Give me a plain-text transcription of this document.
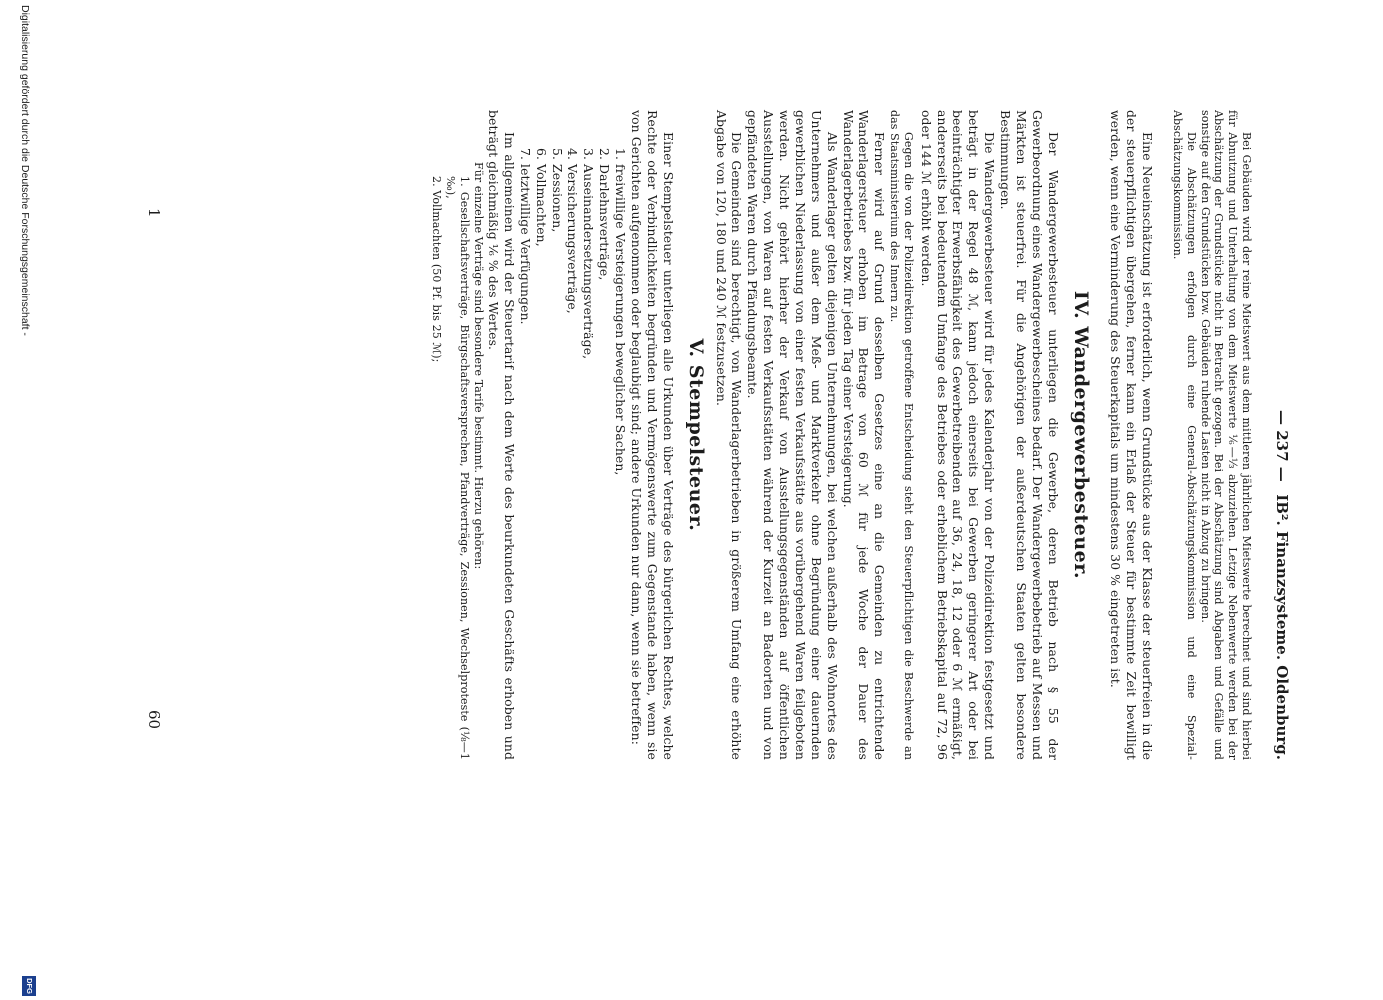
— 237 —
IB². Finanzsysteme. Oldenburg.

Bei Gebäuden wird der reine Mietswert aus dem mittleren jährlichen Mietswerte berechnet und sind hierbei für Abnutzung und Unterhaltung von dem Mietswerte ⅙—⅓ abzuziehen. Letzige Nebenwerte werden bei der Abschätzung der Grundstücke nicht in Betracht gezogen. Bei der Abschätzung sind Abgaben und Gefälle und sonstige auf den Grundstücken bzw. Gebäuden ruhende Lasten nicht in Abzug zu bringen.

Die Abschätzungen erfolgen durch eine General-Abschätzungskommission und eine Spezial-Abschätzungskommission.

Eine Neueinschätzung ist erforderlich, wenn Grundstücke aus der Klasse der steuerfreien in die der steuerpflichtigen übergehen, ferner kann ein Erlaß der Steuer für bestimmte Zeit bewilligt werden, wenn eine Verminderung des Steuerkapitals um mindestens 30 % eingetreten ist.

IV. Wandergewerbesteuer.

Der Wandergewerbesteuer unterliegen die Gewerbe, deren Betrieb nach § 55 der Gewerbeordnung eines Wandergewerbescheines bedarf. Der Wandergewerbebetrieb auf Messen und Märkten ist steuerfrei. Für die Angehörigen der außerdeutschen Staaten gelten besondere Bestimmungen.

Die Wandergewerbesteuer wird für jedes Kalenderjahr von der Polizeidirektion festgesetzt und beträgt in der Regel 48 ℳ, kann jedoch einerseits bei Gewerben geringerer Art oder bei beeinträchtigter Erwerbsfähigkeit des Gewerbetreibenden auf 36, 24, 18, 12 oder 6 ℳ ermäßigt, andererseits bei bedeutendem Umfange des Betriebes oder erheblichem Betriebskapital auf 72, 96 oder 144 ℳ erhöht werden.

Gegen die von der Polizeidirektion getroffene Entscheidung steht den Steuerpflichtigen die Beschwerde an das Staatsministerium des Innern zu.

Ferner wird auf Grund desselben Gesetzes eine an die Gemeinden zu entrichtende Wanderlagersteuer erhoben im Betrage von 60 ℳ für jede Woche der Dauer des Wanderlagerbetriebes bzw. für jeden Tag einer Versteigerung.

Als Wanderlager gelten diejenigen Unternehmungen, bei welchen außerhalb des Wohnortes des Unternehmers und außer dem Meß- und Marktverkehr ohne Begründung einer dauernden gewerblichen Niederlassung von einer festen Verkaufsstätte aus vorübergehend Waren feilgeboten werden. Nicht gehört hierher der Verkauf von Ausstellungsgegenständen auf öffentlichen Ausstellungen, von Waren auf festen Verkaufsstätten während der Kurzeit an Badeorten und von gepfändeten Waren durch Pfändungsbeamte.

Die Gemeinden sind berechtigt, von Wanderlagerbetrieben in größerem Umfang eine erhöhte Abgabe von 120, 180 und 240 ℳ festzusetzen.

V. Stempelsteuer.

Einer Stempelsteuer unterliegen alle Urkunden über Verträge des bürgerlichen Rechtes, welche Rechte oder Verbindlichkeiten begründen und Vermögenswerte zum Gegenstande haben, wenn sie von Gerichten aufgenommen oder beglaubigt sind; andere Urkunden nur dann, wenn sie betreffen:

1. freiwillige Versteigerungen beweglicher Sachen,

2. Darlehnsverträge,

3. Auseinandersetzungsverträge,

4. Versicherungsverträge,

5. Zessionen,

6. Vollmachten,

7. letztwillige Verfügungen.

Im allgemeinen wird der Steuertarif nach dem Werte des beurkundeten Geschäfts erhoben und beträgt gleichmäßig ⅙ % des Wertes.

Für einzelne Verträge sind besondere Tarife bestimmt. Hierzu gehören:

1. Gesellschaftsverträge, Bürgschaftsversprechen, Pfandverträge, Zessionen, Wechselproteste (⅛—1 ‰),

2. Vollmachten (50 Pf. bis 25 ℳ);

1
60
Digitalisierung gefördert durch die Deutsche Forschungsgemeinschaft -
DFG
